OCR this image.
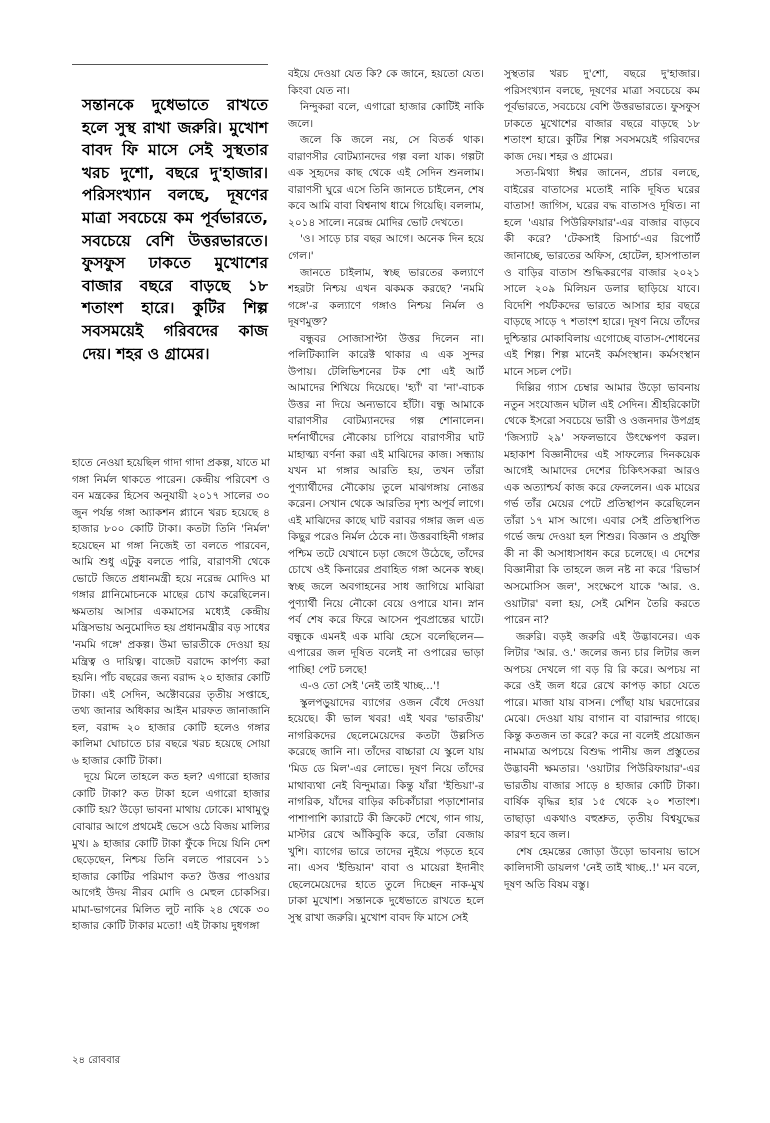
সন্তানকে দুধেভাতে রাখতে হলে সুস্থ রাখা জরুরি। মুখোশ বাবদ ফি মাসে সেই সুস্থতার খরচ দুশো, বছরে দু'হাজার। পরিসংখ্যান বলছে, দূষণের মাত্রা সবচেয়ে কম পূর্বভারতে, সবচেয়ে বেশি উত্তরভারতে। ফুসফুস ঢাকতে মুখোশের বাজার বছরে বাড়ছে ১৮ শতাংশ হারে। কুটির শিল্প সবসময়েই গরিবদের কাজ দেয়। শহর ও গ্রামের।

হাতে নেওয়া হয়েছিল গাদা গাদা প্রকল্প, যাতে মা গঙ্গা নির্মল থাকতে পারেন। কেন্দ্রীয় পরিবেশ ও বন মন্ত্রকের হিসেব অনুযায়ী ২০১৭ সালের ৩০ জুন পর্যন্ত গঙ্গা অ্যাকশন প্ল্যানে খরচ হয়েছে ৪ হাজার ৮০০ কোটি টাকা। কতটা তিনি 'নির্মল' হয়েছেন মা গঙ্গা নিজেই তা বলতে পারবেন, আমি শুধু এটুকু বলতে পারি, বারাণসী থেকে ভোটে জিতে প্রধানমন্ত্রী হয়ে নরেন্দ্র মোদিও মা গঙ্গার গ্লানিমোচনকে মাছের চোখ করেছিলেন। ক্ষমতায় আসার একমাসের মধ্যেই কেন্দ্রীয় মন্ত্রিসভায় অনুমোদিত হয় প্রধানমন্ত্রীর বড় সাধের 'নমমি গঙ্গে' প্রকল্প। উমা ভারতীকে দেওয়া হয় মন্ত্রিত্ব ও দায়িত্ব। বাজেট বরাদ্দে কার্পণ্য করা হয়নি। পাঁচ বছরের জন্য বরাদ্দ ২০ হাজার কোটি টাকা। এই সেদিন, অক্টোবরের তৃতীয় সপ্তাহে, তথ্য জানার অধিকার আইন মারফত জানাজানি হল, বরাদ্দ ২০ হাজার কোটি হলেও গঙ্গার কালিমা ঘোচাতে চার বছরে খরচ হয়েছে সোয়া ৬ হাজার কোটি টাকা।

দূয়ে মিলে তাহলে কত হল? এগারো হাজার কোটি টাকা? কত টাকা হলে এগারো হাজার কোটি হয়? উড়ো ভাবনা মাথায় ঢোকে। মাথামুণ্ডু বোঝার আগে প্রথমেই ভেসে ওঠে বিজয় মাল্যির মুখ। ৯ হাজার কোটি টাকা ফুঁকে দিয়ে যিনি দেশ ছেড়েছেন, নিশ্চয় তিনি বলতে পারবেন ১১ হাজার কোটির পরিমাণ কত? উত্তর পাওয়ার আগেই উদয় নীরব মোদি ও মেহুল চোকসির। মামা-ভাগনের মিলিত লুট নাকি ২৪ থেকে ৩০ হাজার কোটি টাকার মতো! এই টাকায় দুধগঙ্গা

বইয়ে দেওয়া যেত কি? কে জানে, হয়তো যেত। কিংবা যেত না।

নিন্দুকরা বলে, এগারো হাজার কোটিই নাকি জলে।

জলে কি জলে নয়, সে বিতর্ক থাক। বারাণসীর বোটম্যানদের গল্প বলা যাক। গল্পটা এক সুহৃদের কাছ থেকে এই সেদিন শুনলাম। বারাণসী ঘুরে এসে তিনি জানতে চাইলেন, শেষ কবে আমি বাবা বিশ্বনাথ ধামে গিয়েছি। বললাম, ২০১৪ সালে। নরেন্দ্র মোদির ভোট দেখতে।

'ও। সাড়ে চার বছর আগে। অনেক দিন হয়ে গেল।'

জানতে চাইলাম, স্বচ্ছ ভারতের কল্যাণে শহরটা নিশ্চয় এখন ঝকমক করছে? 'নমমি গঙ্গে'-র কল্যাণে গঙ্গাও নিশ্চয় নির্মল ও দূষণমুক্ত?

বন্ধুবর সোজাসাপ্টা উত্তর দিলেন না। পলিটিক্যালি কারেক্ট থাকার এ এক সুন্দর উপায়। টেলিভিশনের টক শো এই আর্ট আমাদের শিখিয়ে দিয়েছে। 'হ্যাঁ' বা 'না'-বাচক উত্তর না দিয়ে অন্যভাবে হাঁটা। বন্ধু আমাকে বারাণসীর বোটম্যানদের গল্প শোনালেন। দর্শনার্থীদের নৌকোয় চাপিয়ে বারাণসীর ঘাট মাহাত্ম্য বর্ণনা করা এই মাঝিদের কাজ। সন্ধ্যায় যখন মা গঙ্গার আরতি হয়, তখন তাঁরা পুণ্যার্থীদের নৌকোয় তুলে মাঝগঙ্গায় নোঙর করেন। সেখান থেকে আরতির দৃশ্য অপূর্ব লাগে। এই মাঝিদের কাছে ঘাট বরাবর গঙ্গার জল এত কিছুর পরেও নির্মল ঠেকে না। উত্তরবাহিনী গঙ্গার পশ্চিম তটে যেখানে চড়া জেগে উঠেছে, তাঁদের চোখে ওই কিনারের প্রবাহিত গঙ্গা অনেক স্বচ্ছ। স্বচ্ছ জলে অবগাহনের সাধ জাগিয়ে মাঝিরা পুণ্যার্থী নিয়ে নৌকো বেয়ে ওপারে যান। স্নান পর্ব শেষ করে ফিরে আসেন পুবপ্রান্তের ঘাটে। বন্ধুকে এমনই এক মাঝি হেসে বলেছিলেন— এপারের জল দূষিত বলেই না ওপারের ভাড়া পাচ্ছি! পেট চলছে!

এ-ও তো সেই 'নেই তাই খাচ্ছ...'!

স্কুলপড়ুয়াদের ব্যাগের ওজন বেঁধে দেওয়া হয়েছে। কী ভাল খবর! এই খবর 'ভারতীয়' নাগরিকদের ছেলেমেয়েদের কতটা উল্লসিত করেছে জানি না। তাঁদের বাচ্চারা যে স্কুলে যায় 'মিড ডে মিল'-এর লোভে। দূষণ নিয়ে তাঁদের মাথাব্যথা নেই বিন্দুমাত্র। কিন্তু যাঁরা 'ইন্ডিয়া'-র নাগরিক, যাঁদের বাড়ির কচিকাঁচারা পড়াশোনার পাশাপাশি ক্যারাটে কী ক্রিকেট শেখে, গান গায়, মাস্টার রেখে আঁকিবুকি করে, তাঁরা বেজায় খুশি। ব্যাগের ভারে তাদের নুইয়ে পড়তে হবে না। এসব 'ইন্ডিয়ান' বাবা ও মায়েরা ইদানীং ছেলেমেয়েদের হাতে তুলে দিচ্ছেন নাক-মুখ ঢাকা মুখোশ। সন্তানকে দুধেভাতে রাখতে হলে সুস্থ রাখা জরুরি। মুখোশ বাবদ ফি মাসে সেই

সুস্থতার খরচ দু'শো, বছরে দু'হাজার। পরিসংখ্যান বলছে, দূষণের মাত্রা সবচেয়ে কম পূর্বভারতে, সবচেয়ে বেশি উত্তরভারতে। ফুসফুস ঢাকতে মুখোশের বাজার বছরে বাড়ছে ১৮ শতাংশ হারে। কুটির শিল্প সবসময়েই গরিবদের কাজ দেয়। শহর ও গ্রামের।

সত্য-মিথ্যা ঈশ্বর জানেন, প্রচার বলছে, বাইরের বাতাসের মতোই নাকি দূষিত ঘরের বাতাস! জাগিস, ঘরের বদ্ধ বাতাসও দূষিত। না হলে 'এয়ার পিউরিফায়ার'-এর বাজার বাড়বে কী করে? 'টেকসাই রিসার্চ'-এর রিপোর্ট জানাচ্ছে, ভারতের অফিস, হোটেল, হাসপাতাল ও বাড়ির বাতাস শুদ্ধিকরণের বাজার ২০২১ সালে ২০৯ মিলিয়ন ডলার ছাড়িয়ে যাবে। বিদেশি পর্যটকদের ভারতে আসার হার বছরে বাড়ছে সাড়ে ৭ শতাংশ হারে। দূষণ নিয়ে তাঁদের দুশ্চিন্তার মোকাবিলায় এগোচ্ছে বাতাস-শোধনের এই শিল্প। শিল্প মানেই কর্মসংস্থান। কর্মসংস্থান মানে সচল পেট।

দিল্লির গ্যাস চেম্বার আমার উড়ো ভাবনায় নতুন সংযোজন ঘটাল এই সেদিন। শ্রীহরিকোটা থেকে ইসরো সবচেয়ে ভারী ও ওজনদার উপগ্রহ 'জিস্যাট ২৯' সফলভাবে উৎক্ষেপণ করল। মহাকাশ বিজ্ঞানীদের এই সাফল্যের দিনকয়েক আগেই আমাদের দেশের চিকিৎসকরা আরও এক অত্যাশ্চর্য কাজ করে ফেললেন। এক মায়ের গর্ভ তাঁর মেয়ের পেটে প্রতিস্থাপন করেছিলেন তাঁরা ১৭ মাস আগে। এবার সেই প্রতিস্থাপিত গর্ভে জন্ম দেওয়া হল শিশুর। বিজ্ঞান ও প্রযুক্তি কী না কী অসাধ্যসাধন করে চলেছে। এ দেশের বিজ্ঞানীরা কি তাহলে জল নষ্ট না করে 'রিভার্স অসমোসিস জল', সংক্ষেপে যাকে 'আর. ও. ওয়াটার' বলা হয়, সেই মেশিন তৈরি করতে পারেন না?

জরুরি। বড়ই জরুরি এই উদ্ভাবনের। এক লিটার 'আর. ও.' জলের জন্য চার লিটার জল অপচয় দেখলে গা বড় রি রি করে। অপচয় না করে ওই জল ধরে রেখে কাপড় কাচা যেতে পারে। মাজা যায় বাসন। পোঁছা যায় ঘরদোরের মেঝে। দেওয়া যায় বাগান বা বারান্দার গাছে। কিন্তু কতজন তা করে? করে না বলেই প্রয়োজন নামমাত্র অপচয়ে বিশুদ্ধ পানীয় জল প্রস্তুতের উদ্ভাবনী ক্ষমতার। 'ওয়াটার পিউরিফায়ার'-এর ভারতীয় বাজার সাড়ে ৪ হাজার কোটি টাকা। বার্ষিক বৃদ্ধির হার ১৫ থেকে ২০ শতাংশ। তাছাড়া একথাও বহুশ্রুত, তৃতীয় বিশ্বযুদ্ধের কারণ হবে জল।

শেষ হেমন্তের জোড়া উড়ো ভাবনায় ভাসে কালিদাসী ডায়লগ 'নেই তাই খাচ্ছ..!' মন বলে, দূষণ অতি বিষম বস্তু।

২৪ রোববার
